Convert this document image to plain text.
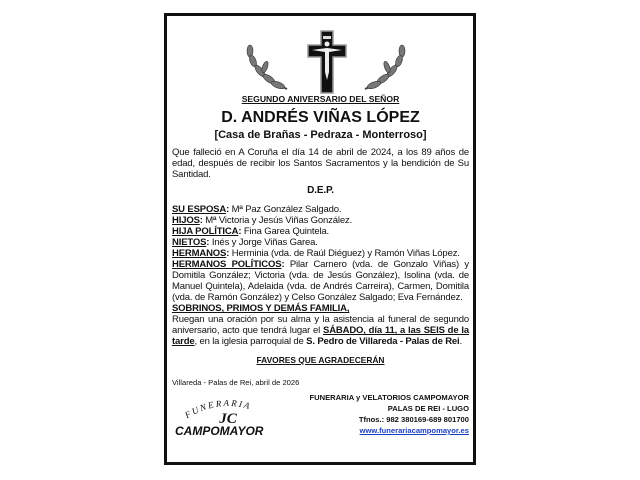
SEGUNDO ANIVERSARIO DEL SEÑOR
D. ANDRÉS VIÑAS LÓPEZ
[Casa de Brañas - Pedraza - Monterroso]
Que falleció en A Coruña el día 14 de abril de 2024, a los 89 años de edad, después de recibir los Santos Sacramentos y la bendición de Su Santidad.
D.E.P.
SU ESPOSA: Mª Paz González Salgado.
HIJOS: Mª Victoria y Jesús Viñas González.
HIJA POLÍTICA: Fina Garea Quintela.
NIETOS: Inés y Jorge Viñas Garea.
HERMANOS: Herminia (vda. de Raúl Diéguez) y Ramón Viñas López.
HERMANOS POLÍTICOS: Pilar Carnero (vda. de Gonzalo Viñas) y Domitila González; Victoria (vda. de Jesús González), Isolina (vda. de Manuel Quintela), Adelaida (vda. de Andrés Carreira), Carmen, Domitila (vda. de Ramón González) y Celso González Salgado; Eva Fernández.
SOBRINOS, PRIMOS Y DEMÁS FAMILIA,
Ruegan una oración por su alma y la asistencia al funeral de segundo aniversario, acto que tendrá lugar el SÁBADO, día 11, a las SEIS de la tarde, en la iglesia parroquial de S. Pedro de Villareda - Palas de Rei.
FAVORES QUE AGRADECERÁN
Villareda - Palas de Rei, abril de 2026
FUNERARIA
JC
CAMPOMAYOR
FUNERARIA y VELATORIOS CAMPOMAYOR
PALAS DE REI - LUGO
Tfnos.: 982 380169-689 801700
www.funerariacampomayor.es
